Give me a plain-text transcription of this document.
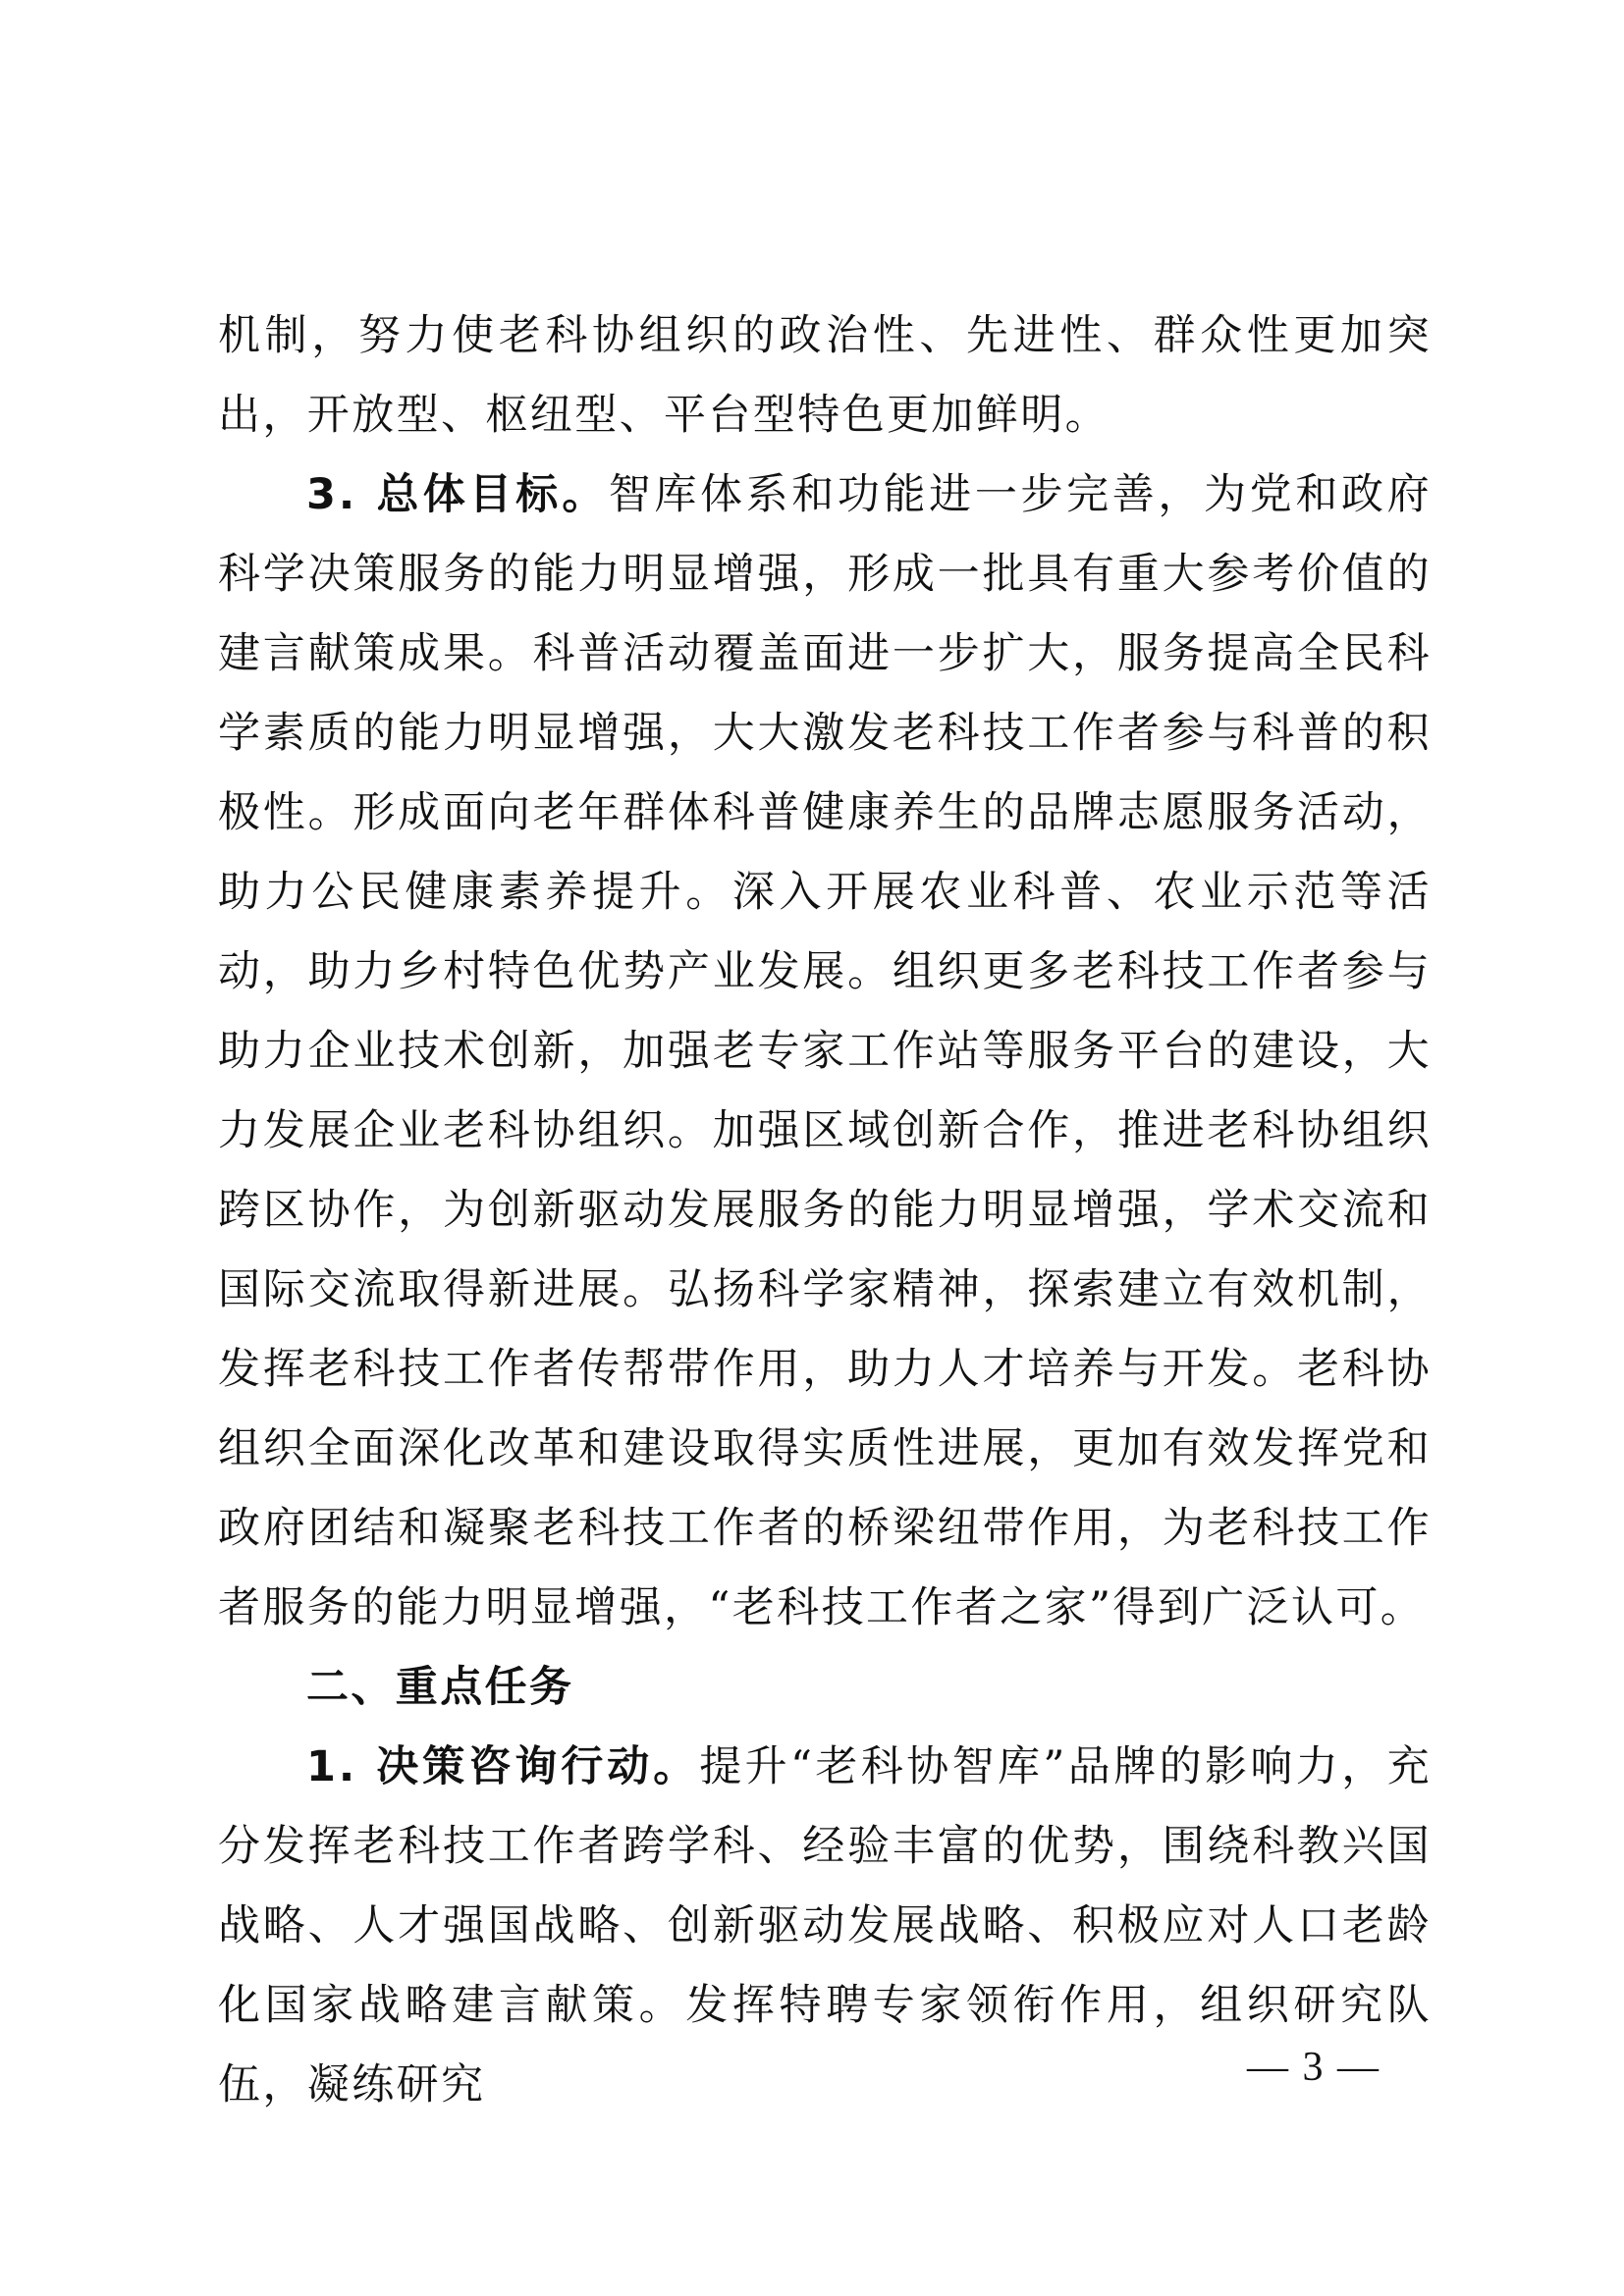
机制，努力使老科协组织的政治性、先进性、群众性更加突出，开放型、枢纽型、平台型特色更加鲜明。

3. 总体目标。智库体系和功能进一步完善，为党和政府科学决策服务的能力明显增强，形成一批具有重大参考价值的建言献策成果。科普活动覆盖面进一步扩大，服务提高全民科学素质的能力明显增强，大大激发老科技工作者参与科普的积极性。形成面向老年群体科普健康养生的品牌志愿服务活动，助力公民健康素养提升。深入开展农业科普、农业示范等活动，助力乡村特色优势产业发展。组织更多老科技工作者参与助力企业技术创新，加强老专家工作站等服务平台的建设，大力发展企业老科协组织。加强区域创新合作，推进老科协组织跨区协作，为创新驱动发展服务的能力明显增强，学术交流和国际交流取得新进展。弘扬科学家精神，探索建立有效机制，发挥老科技工作者传帮带作用，助力人才培养与开发。老科协组织全面深化改革和建设取得实质性进展，更加有效发挥党和政府团结和凝聚老科技工作者的桥梁纽带作用，为老科技工作者服务的能力明显增强，“老科技工作者之家”得到广泛认可。

二、重点任务

1. 决策咨询行动。提升“老科协智库”品牌的影响力，充分发挥老科技工作者跨学科、经验丰富的优势，围绕科教兴国战略、人才强国战略、创新驱动发展战略、积极应对人口老龄化国家战略建言献策。发挥特聘专家领衔作用，组织研究队伍，凝练研究	— 3 —
